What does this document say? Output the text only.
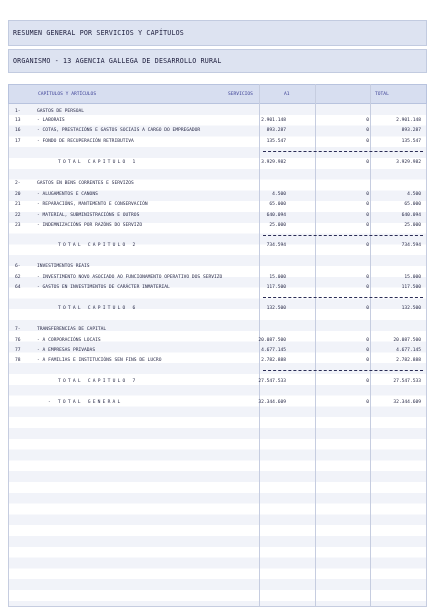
RESUMEN GENERAL POR SERVICIOS Y CAPÍTULOS
ORGANISMO - 13 AGENCIA GALLEGA DE DESARROLLO RURAL
CAPÍTULOS Y ARTÍCULOS	SERVICIOS	A1	TOTAL
1-	GASTOS DE PERSOAL
13	- LABORAIS	2.901.148	0	2.901.148
16	- COTAS, PRESTACIÓNS E GASTOS SOCIAIS A CARGO DO EMPREGADOR	893.287	0	893.287
17	- FONDO DE RECUPERACIÓN RETRIBUTIVA	135.547	0	135.547
TOTAL CAPITULO 1	3.929.982	0	3.929.982
2-	GASTOS EN BENS CORRENTES E SERVIZOS
20	- ALUGAMENTOS E CANONS	4.500	0	4.500
21	- REPARACIÓNS, MANTEMENTO E CONSERVACIÓN	65.000	0	65.000
22	- MATERIAL, SUBMINISTRACIÓNS E OUTROS	640.094	0	640.094
23	- INDEMNIZACIÓNS POR RAZÓNS DO SERVIZO	25.000	0	25.000
TOTAL CAPITULO 2	734.594	0	734.594
6-	INVESTIMENTOS REAIS
62	- INVESTIMENTO NOVO ASOCIADO AO FUNCIONAMENTO OPERATIVO DOS SERVIZO	15.000	0	15.000
64	- GASTOS EN INVESTIMENTOS DE CARÁCTER INMATERIAL	117.500	0	117.500
TOTAL CAPITULO 6	132.500	0	132.500
7-	TRANSFERENCIAS DE CAPITAL
76	- A CORPORACIÓNS LOCAIS	20.087.500	0	20.087.500
77	- A EMPRESAS PRIVADAS	4.677.145	0	4.677.145
78	- A FAMILIAS E INSTITUCIÓNS SEN FINS DE LUCRO	2.782.888	0	2.782.888
TOTAL CAPITULO 7	27.547.533	0	27.547.533
- TOTAL GENERAL	32.344.609	0	32.344.609
